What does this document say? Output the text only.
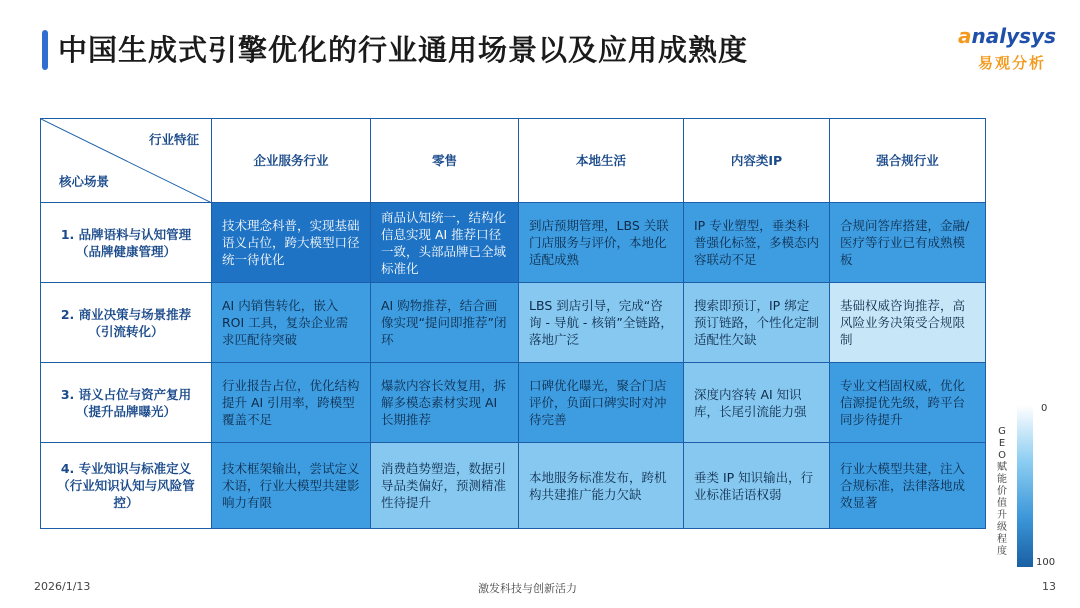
中国生成式引擎优化的行业通用场景以及应用成熟度	analysys
易观分析
行业特征
核心场景	企业服务行业	零售	本地生活	内容类IP	强合规行业
1. 品牌语料与认知管理（品牌健康管理）	技术理念科普，实现基础语义占位，跨大模型口径统一待优化	商品认知统一，结构化信息实现 AI 推荐口径一致，头部品牌已全域标准化	到店预期管理，LBS 关联门店服务与评价，本地化适配成熟	IP 专业塑型，垂类科普强化标签，多模态内容联动不足	合规问答库搭建，金融/医疗等行业已有成熟模板
2. 商业决策与场景推荐（引流转化）	AI 内销售转化，嵌入 ROI 工具，复杂企业需求匹配待突破	AI 购物推荐，结合画像实现“提问即推荐”闭环	LBS 到店引导，完成“咨询 - 导航 - 核销”全链路，落地广泛	搜索即预订，IP 绑定预订链路，个性化定制适配性欠缺	基础权威咨询推荐，高风险业务决策受合规限制
3. 语义占位与资产复用（提升品牌曝光）	行业报告占位，优化结构提升 AI 引用率，跨模型覆盖不足	爆款内容长效复用，拆解多模态素材实现 AI 长期推荐	口碑优化曝光，聚合门店评价，负面口碑实时对冲待完善	深度内容转 AI 知识库，长尾引流能力强	专业文档固权威，优化信源提优先级，跨平台同步待提升
4. 专业知识与标准定义（行业知识认知与风险管控）	技术框架输出，尝试定义术语，行业大模型共建影响力有限	消费趋势塑造，数据引导品类偏好，预测精准性待提升	本地服务标准发布，跨机构共建推广能力欠缺	垂类 IP 知识输出，行业标准话语权弱	行业大模型共建，注入合规标准，法律落地成效显著
GEO赋能价值升级程度
0
100
2026/1/13	激发科技与创新活力	13
